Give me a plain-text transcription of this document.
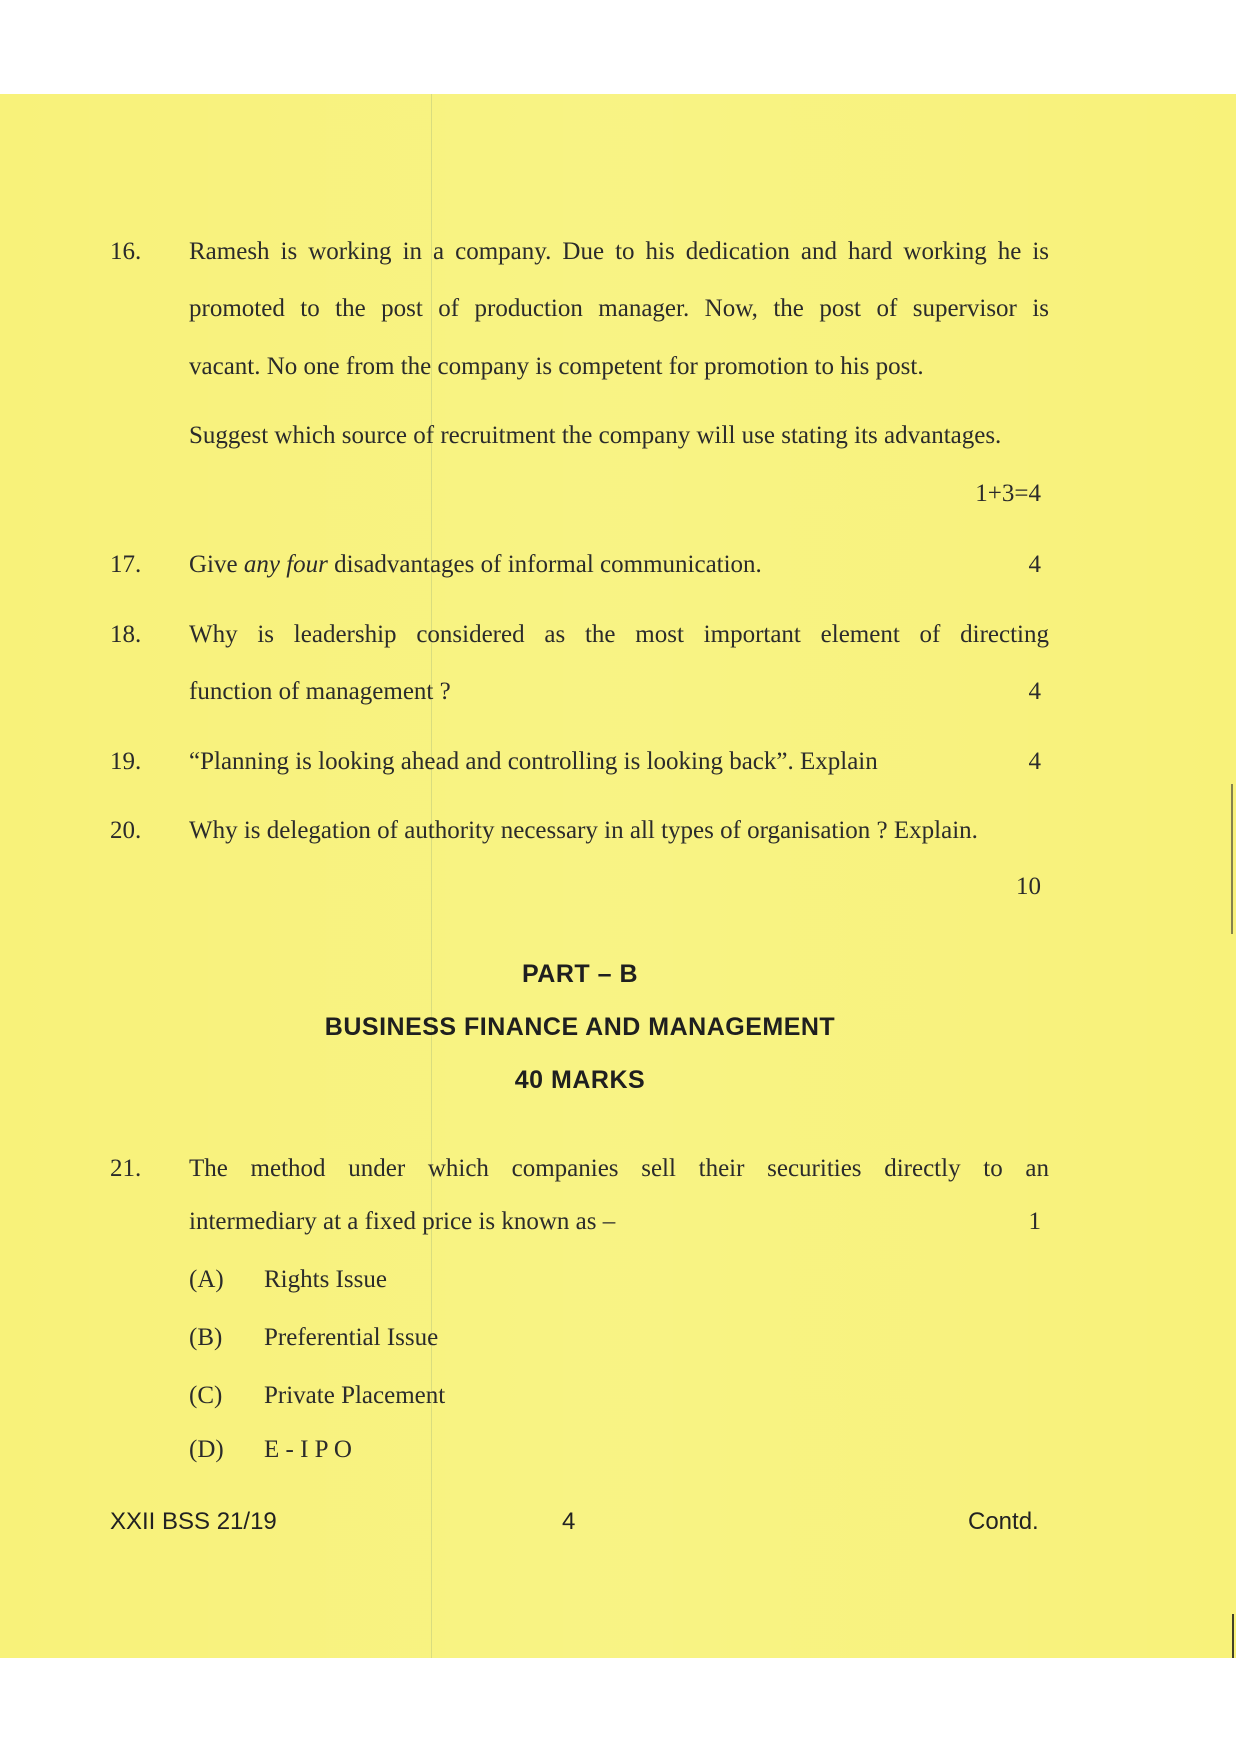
16.	Ramesh is working in a company. Due to his dedication and hard working he is
promoted to the post of production manager. Now, the post of supervisor is
vacant. No one from the company is competent for promotion to his post.
Suggest which source of recruitment the company will use stating its advantages.
1+3=4
17.	Give any four disadvantages of informal communication.	4
18.	Why is leadership considered as the most important element of directing
function of management ?	4
19.	“Planning is looking ahead and controlling is looking back”. Explain	4
20.	Why is delegation of authority necessary in all types of organisation ? Explain.
10
PART – B
BUSINESS FINANCE AND MANAGEMENT
40 MARKS
21.	The method under which companies sell their securities directly to an
intermediary at a fixed price is known as –	1
(A)	Rights Issue
(B)	Preferential Issue
(C)	Private Placement
(D)	E - I P O
XXII BSS 21/19	4	Contd.
